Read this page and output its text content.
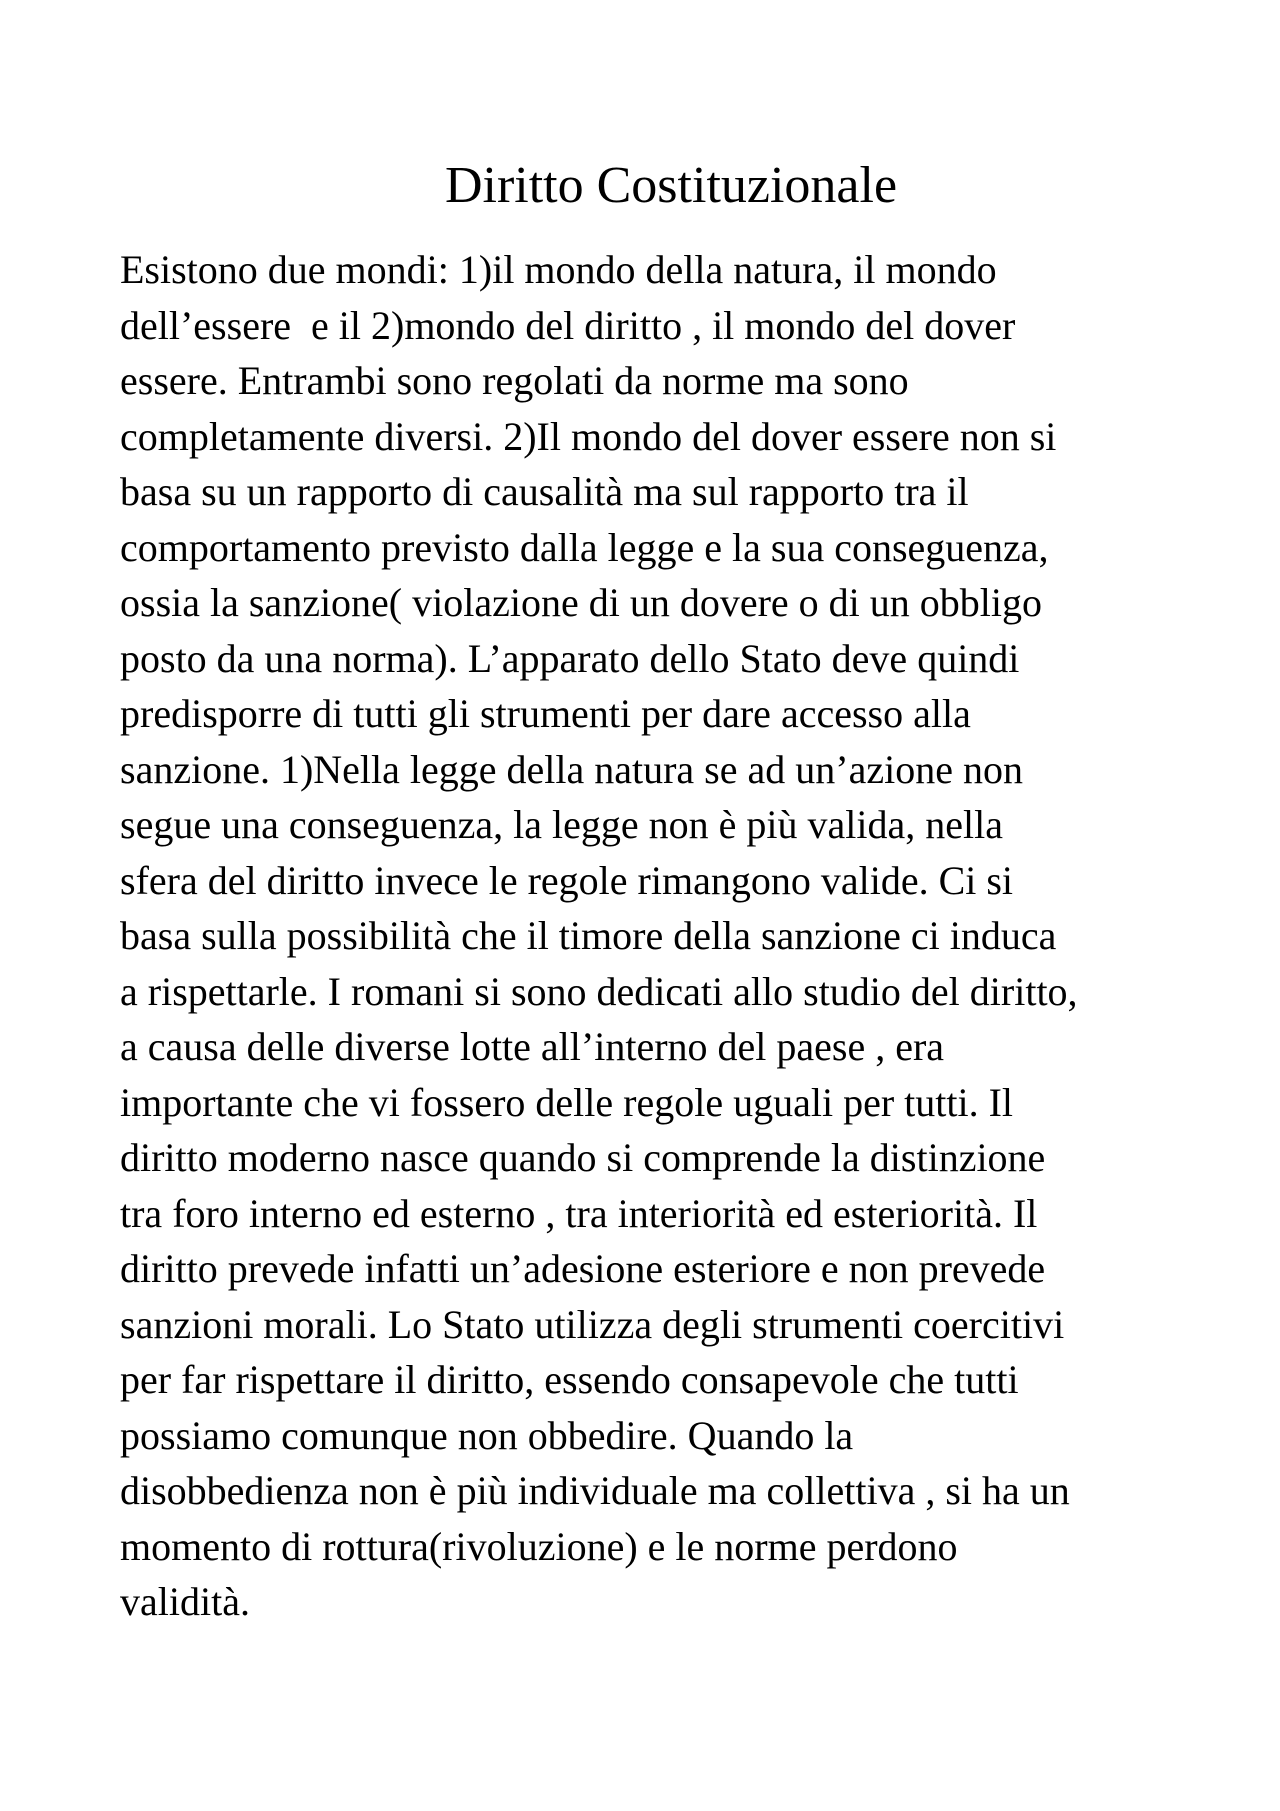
Diritto Costituzionale
Esistono due mondi: 1)il mondo della natura, il mondo
dell’essere  e il 2)mondo del diritto , il mondo del dover
essere. Entrambi sono regolati da norme ma sono
completamente diversi. 2)Il mondo del dover essere non si
basa su un rapporto di causalità ma sul rapporto tra il
comportamento previsto dalla legge e la sua conseguenza,
ossia la sanzione( violazione di un dovere o di un obbligo
posto da una norma). L’apparato dello Stato deve quindi
predisporre di tutti gli strumenti per dare accesso alla
sanzione. 1)Nella legge della natura se ad un’azione non
segue una conseguenza, la legge non è più valida, nella
sfera del diritto invece le regole rimangono valide. Ci si
basa sulla possibilità che il timore della sanzione ci induca
a rispettarle. I romani si sono dedicati allo studio del diritto,
a causa delle diverse lotte all’interno del paese , era
importante che vi fossero delle regole uguali per tutti. Il
diritto moderno nasce quando si comprende la distinzione
tra foro interno ed esterno , tra interiorità ed esteriorità. Il
diritto prevede infatti un’adesione esteriore e non prevede
sanzioni morali. Lo Stato utilizza degli strumenti coercitivi
per far rispettare il diritto, essendo consapevole che tutti
possiamo comunque non obbedire. Quando la
disobbedienza non è più individuale ma collettiva , si ha un
momento di rottura(rivoluzione) e le norme perdono
validità.
